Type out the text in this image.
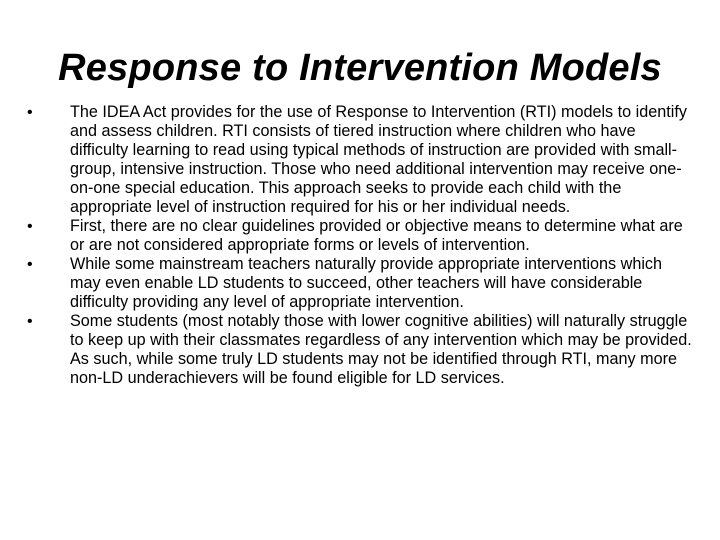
Response to Intervention Models
• The IDEA Act provides for the use of Response to Intervention (RTI) models to identify and assess children. RTI consists of tiered instruction where children who have difficulty learning to read using typical methods of instruction are provided with small-group, intensive instruction. Those who need additional intervention may receive one-on-one special education. This approach seeks to provide each child with the appropriate level of instruction required for his or her individual needs.
• First, there are no clear guidelines provided or objective means to determine what are or are not considered appropriate forms or levels of intervention.
• While some mainstream teachers naturally provide appropriate interventions which may even enable LD students to succeed, other teachers will have considerable difficulty providing any level of appropriate intervention.
• Some students (most notably those with lower cognitive abilities) will naturally struggle to keep up with their classmates regardless of any intervention which may be provided. As such, while some truly LD students may not be identified through RTI, many more non-LD underachievers will be found eligible for LD services.
